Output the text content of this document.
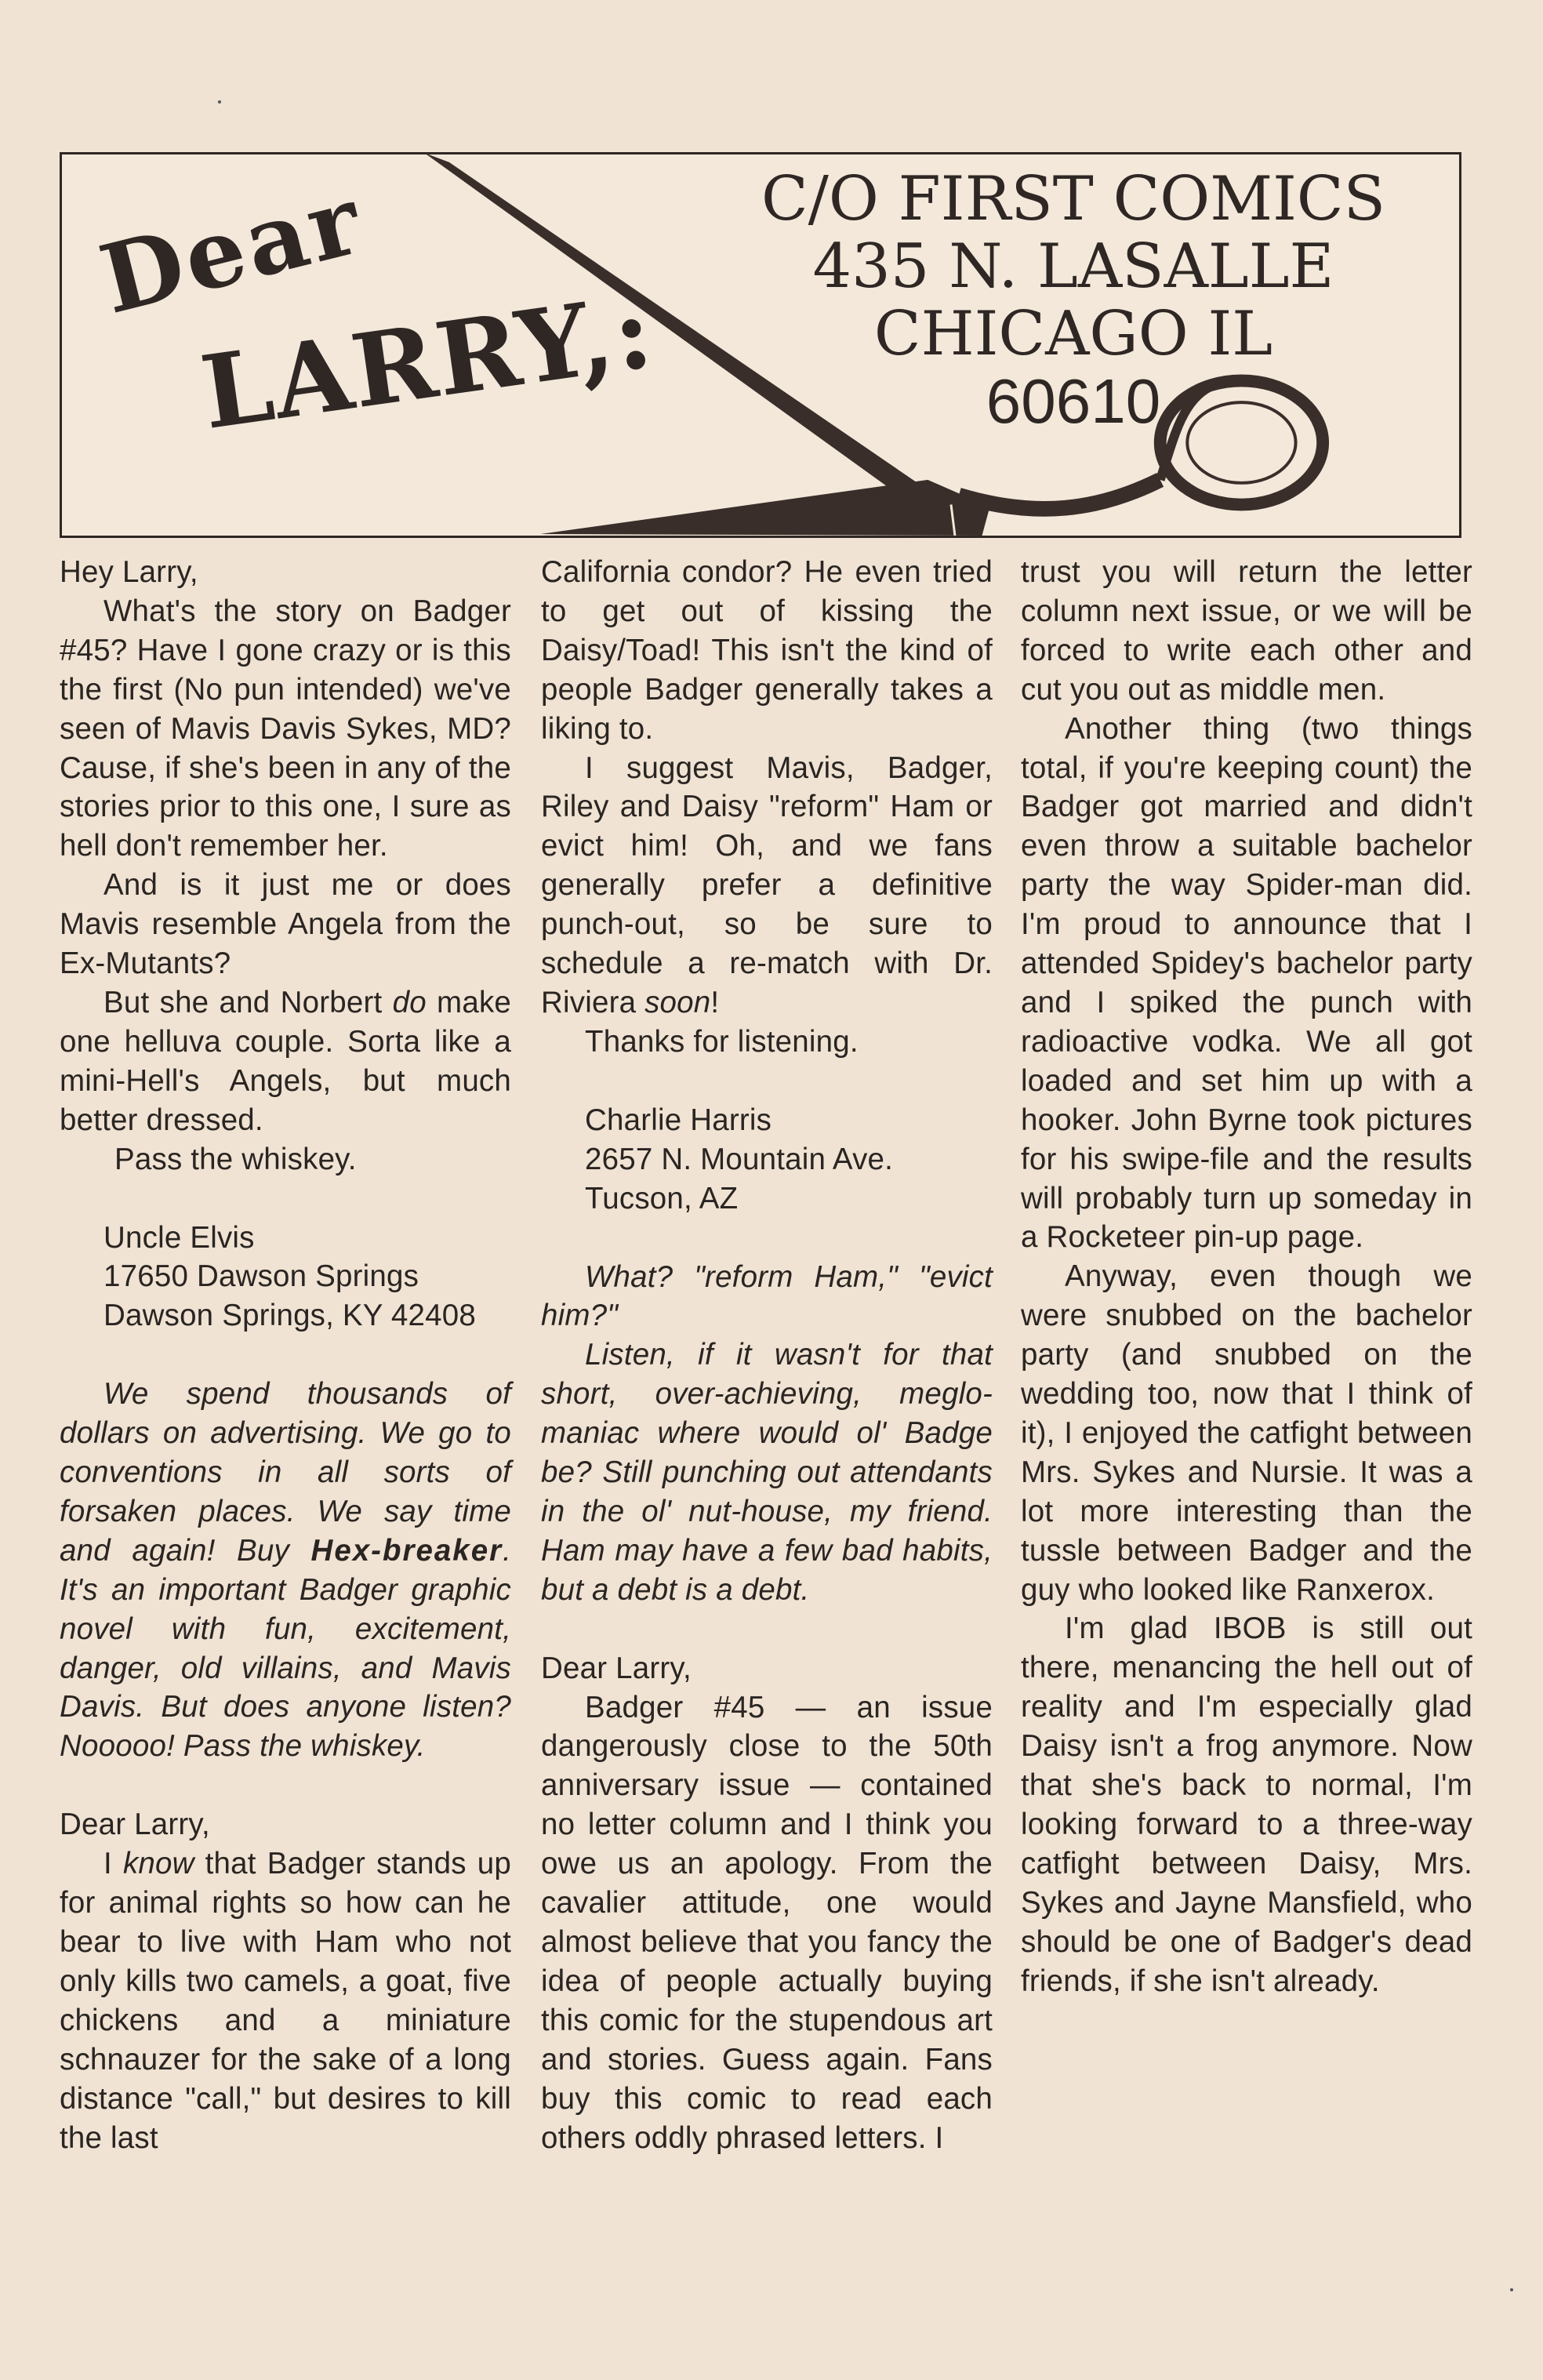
Dear
LARRY,:
C/O FIRST COMICS
435 N. LASALLE
CHICAGO IL
60610

Hey Larry,

What's the story on Badger #45? Have I gone crazy or is this the first (No pun intended) we've seen of Mavis Davis Sykes, MD? Cause, if she's been in any of the stories prior to this one, I sure as hell don't remember her.

And is it just me or does Mavis resemble Angela from the Ex-Mutants?

But she and Norbert do make one helluva couple. Sorta like a mini-Hell's Angels, but much better dressed.

Pass the whiskey.

Uncle Elvis

17650 Dawson Springs

Dawson Springs, KY 42408

We spend thousands of dollars on advertising. We go to conventions in all sorts of forsaken places. We say time and again! Buy Hex-breaker. It's an important Badger graphic novel with fun, excitement, danger, old villains, and Mavis Davis. But does anyone listen? Nooooo! Pass the whiskey.

Dear Larry,

I know that Badger stands up for animal rights so how can he bear to live with Ham who not only kills two camels, a goat, five chickens and a miniature schnauzer for the sake of a long distance "call," but desires to kill the last

California condor? He even tried to get out of kissing the Daisy/Toad! This isn't the kind of people Badger generally takes a liking to.

I suggest Mavis, Badger, Riley and Daisy "reform" Ham or evict him! Oh, and we fans generally prefer a definitive punch-out, so be sure to schedule a re-match with Dr. Riviera soon!

Thanks for listening.

Charlie Harris

2657 N. Mountain Ave.

Tucson, AZ

What? "reform Ham," "evict him?"

Listen, if it wasn't for that short, over-achieving, meglo-maniac where would ol' Badge be? Still punching out attendants in the ol' nut-house, my friend. Ham may have a few bad habits, but a debt is a debt.

Dear Larry,

Badger #45 — an issue dangerously close to the 50th anniversary issue — contained no letter column and I think you owe us an apology. From the cavalier attitude, one would almost believe that you fancy the idea of people actually buying this comic for the stupendous art and stories. Guess again. Fans buy this comic to read each others oddly phrased letters. I

trust you will return the letter column next issue, or we will be forced to write each other and cut you out as middle men.

Another thing (two things total, if you're keeping count) the Badger got married and didn't even throw a suitable bachelor party the way Spider-man did. I'm proud to announce that I attended Spidey's bachelor party and I spiked the punch with radioactive vodka. We all got loaded and set him up with a hooker. John Byrne took pictures for his swipe-file and the results will probably turn up someday in a Rocketeer pin-up page.

Anyway, even though we were snubbed on the bachelor party (and snubbed on the wedding too, now that I think of it), I enjoyed the catfight between Mrs. Sykes and Nursie. It was a lot more interesting than the tussle between Badger and the guy who looked like Ranxerox.

I'm glad IBOB is still out there, menancing the hell out of reality and I'm especially glad Daisy isn't a frog anymore. Now that she's back to normal, I'm looking forward to a three-way catfight between Daisy, Mrs. Sykes and Jayne Mansfield, who should be one of Badger's dead friends, if she isn't already.
